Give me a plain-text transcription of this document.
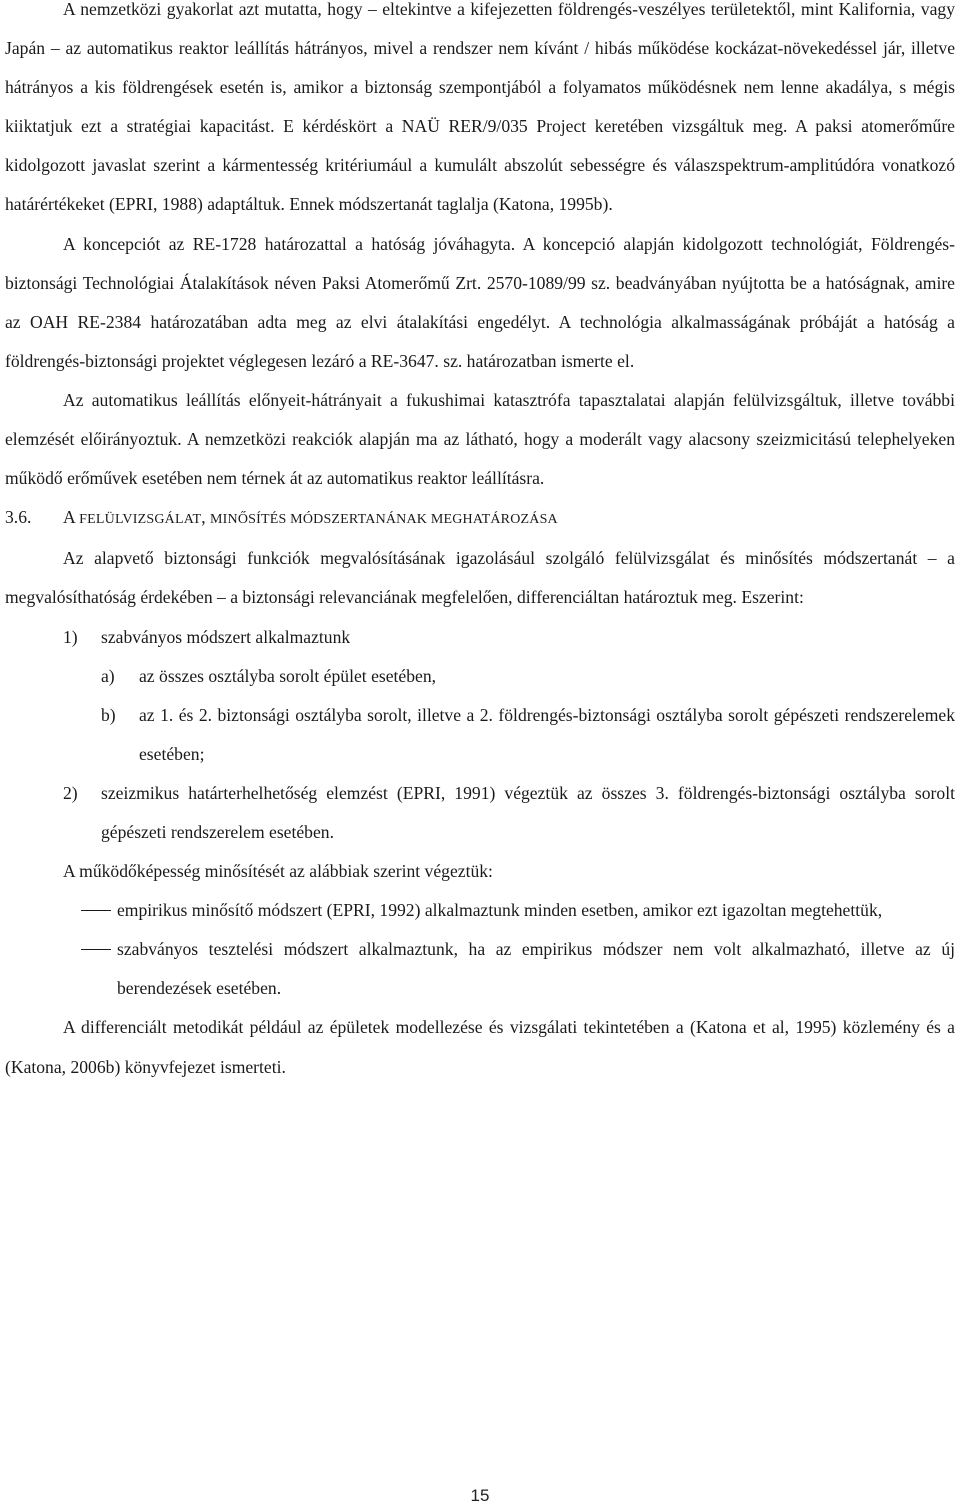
A nemzetközi gyakorlat azt mutatta, hogy – eltekintve a kifejezetten földrengés-veszélyes területektől, mint Kalifornia, vagy Japán – az automatikus reaktor leállítás hátrányos, mivel a rendszer nem kívánt / hibás működése kockázat-növekedéssel jár, illetve hátrányos a kis földrengések esetén is, amikor a biztonság szempontjából a folyamatos működésnek nem lenne akadálya, s mégis kiiktatjuk ezt a stratégiai kapacitást. E kérdéskört a NAÜ RER/9/035 Project keretében vizsgáltuk meg. A paksi atomerőműre kidolgozott javaslat szerint a kármentesség kritériumául a kumulált abszolút sebességre és válaszspektrum-amplitúdóra vonatkozó határértékeket (EPRI, 1988) adaptáltuk. Ennek módszertanát taglalja (Katona, 1995b).

A koncepciót az RE-1728 határozattal a hatóság jóváhagyta. A koncepció alapján kidolgozott technológiát, Földrengés-biztonsági Technológiai Átalakítások néven Paksi Atomerőmű Zrt. 2570-1089/99 sz. beadványában nyújtotta be a hatóságnak, amire az OAH RE-2384 határozatában adta meg az elvi átalakítási engedélyt. A technológia alkalmasságának próbáját a hatóság a földrengés-biztonsági projektet véglegesen lezáró a RE-3647. sz. határozatban ismerte el.

Az automatikus leállítás előnyeit-hátrányait a fukushimai katasztrófa tapasztalatai alapján felülvizsgáltuk, illetve további elemzését előirányoztuk. A nemzetközi reakciók alapján ma az látható, hogy a moderált vagy alacsony szeizmicitású telephelyeken működő erőművek esetében nem térnek át az automatikus reaktor leállításra.

3.6. A FELÜLVIZSGÁLAT, MINŐSÍTÉS MÓDSZERTANÁNAK MEGHATÁROZÁSA

Az alapvető biztonsági funkciók megvalósításának igazolásául szolgáló felülvizsgálat és minősítés módszertanát – a megvalósíthatóság érdekében – a biztonsági relevanciának megfelelően, differenciáltan határoztuk meg. Eszerint:

1) szabványos módszert alkalmaztunk
a) az összes osztályba sorolt épület esetében,
b) az 1. és 2. biztonsági osztályba sorolt, illetve a 2. földrengés-biztonsági osztályba sorolt gépészeti rendszerelemek esetében;
2) szeizmikus határterhelhetőség elemzést (EPRI, 1991) végeztük az összes 3. földrengés-biztonsági osztályba sorolt gépészeti rendszerelem esetében.

A működőképesség minősítését az alábbiak szerint végeztük:

empirikus minősítő módszert (EPRI, 1992) alkalmaztunk minden esetben, amikor ezt igazoltan megtehettük,
szabványos tesztelési módszert alkalmaztunk, ha az empirikus módszer nem volt alkalmazható, illetve az új berendezések esetében.

A differenciált metodikát például az épületek modellezése és vizsgálati tekintetében a (Katona et al, 1995) közlemény és a (Katona, 2006b) könyvfejezet ismerteti.

15
